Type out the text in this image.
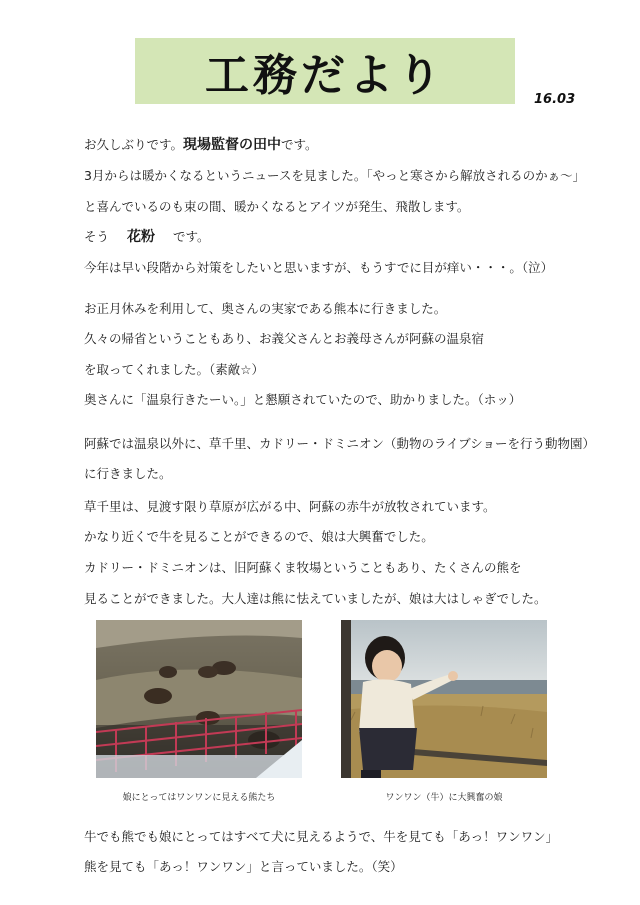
工務だより	16.03
お久しぶりです。現場監督の田中です。
3月からは暖かくなるというニュースを見ました。「やっと寒さから解放されるのかぁ～」
と喜んでいるのも束の間、暖かくなるとアイツが発生、飛散します。
そう 花粉 です。
今年は早い段階から対策をしたいと思いますが、もうすでに目が痒い・・・。（泣）
お正月休みを利用して、奥さんの実家である熊本に行きました。
久々の帰省ということもあり、お義父さんとお義母さんが阿蘇の温泉宿
を取ってくれました。（素敵☆）
奥さんに「温泉行きたーい。」と懇願されていたので、助かりました。（ホッ）
阿蘇では温泉以外に、草千里、カドリー・ドミニオン（動物のライブショーを行う動物園）
に行きました。
草千里は、見渡す限り草原が広がる中、阿蘇の赤牛が放牧されています。
かなり近くで牛を見ることができるので、娘は大興奮でした。
カドリー・ドミニオンは、旧阿蘇くま牧場ということもあり、たくさんの熊を
見ることができました。大人達は熊に怯えていましたが、娘は大はしゃぎでした。
娘にとってはワンワンに見える熊たち	ワンワン（牛）に大興奮の娘
牛でも熊でも娘にとってはすべて犬に見えるようで、牛を見ても「あっ！ワンワン」
熊を見ても「あっ！ワンワン」と言っていました。（笑）
